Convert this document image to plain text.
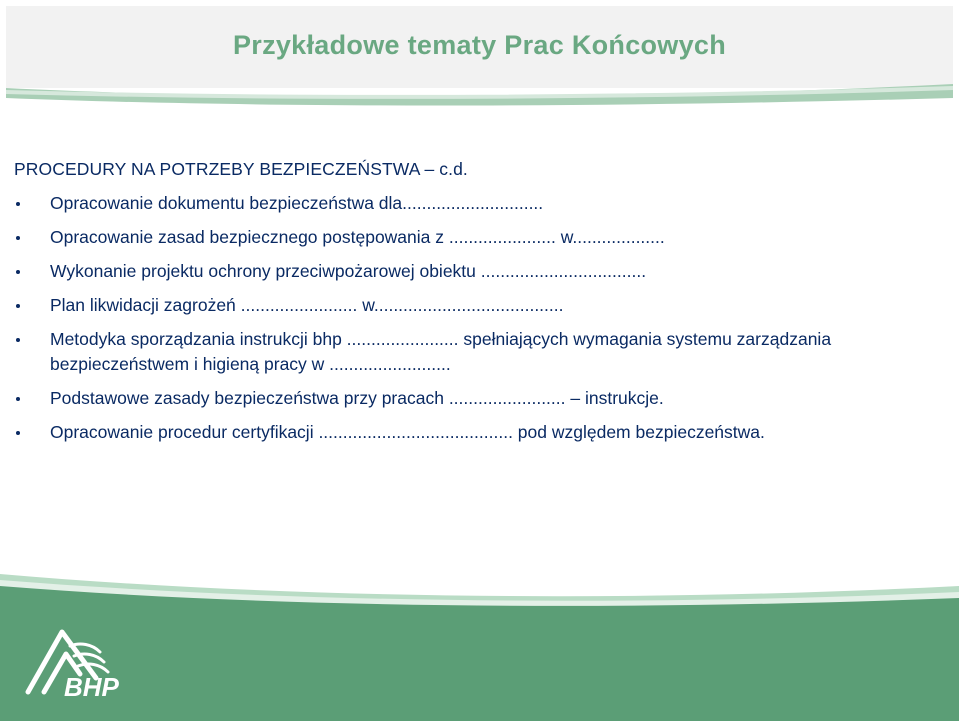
Przykładowe tematy Prac Końcowych
PROCEDURY NA POTRZEBY BEZPIECZEŃSTWA – c.d.
Opracowanie dokumentu bezpieczeństwa dla.............................
Opracowanie zasad bezpiecznego postępowania z ...................... w...................
Wykonanie projektu ochrony przeciwpożarowej obiektu ..................................
Plan likwidacji zagrożeń ........................ w.......................................
Metodyka sporządzania instrukcji bhp ....................... spełniających wymagania systemu zarządzania bezpieczeństwem i higieną pracy w .........................
Podstawowe zasady bezpieczeństwa przy pracach ........................ – instrukcje.
Opracowanie procedur certyfikacji ........................................ pod względem bezpieczeństwa.
BHP
